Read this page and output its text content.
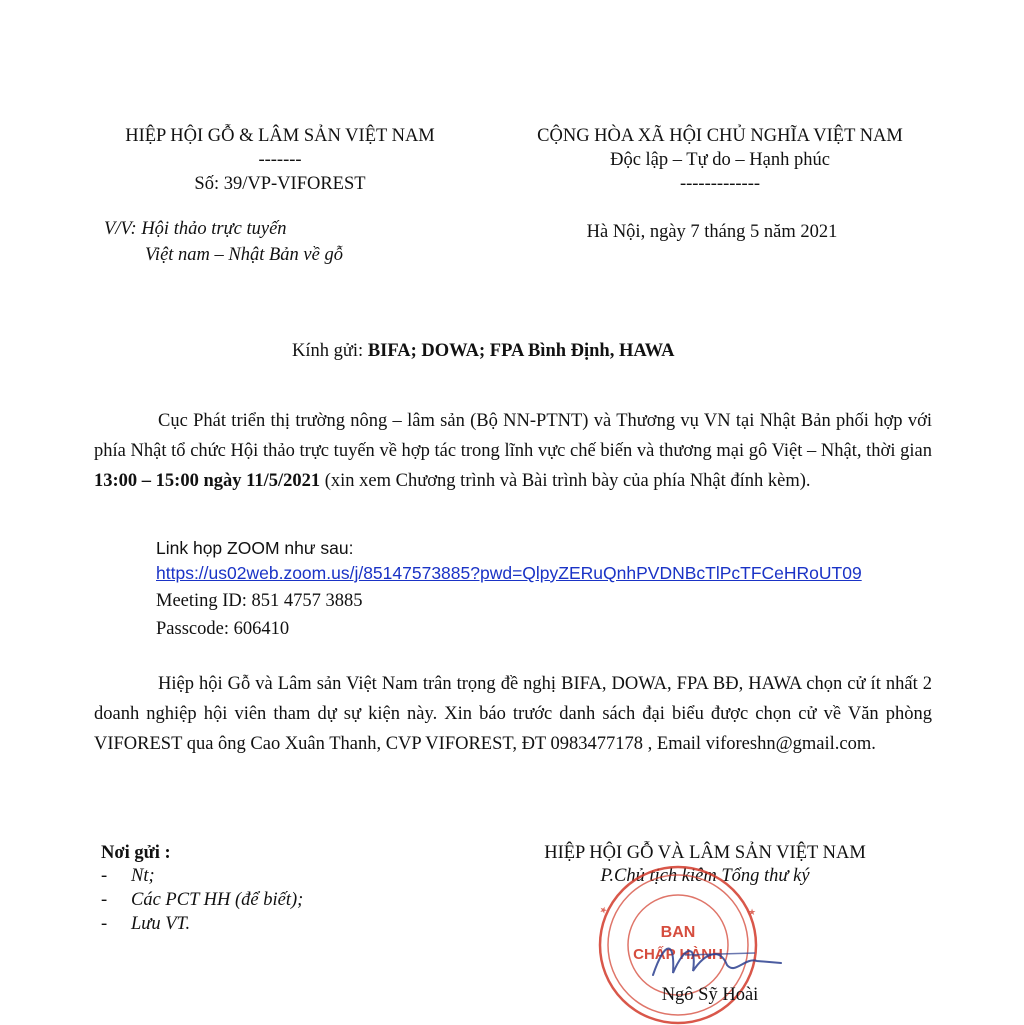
HIỆP HỘI GỖ & LÂM SẢN VIỆT NAM
-------
Số: 39/VP-VIFOREST
V/V: Hội thảo trực tuyến
Việt nam – Nhật Bản về gỗ
CỘNG HÒA XÃ HỘI CHỦ NGHĨA VIỆT NAM
Độc lập – Tự do – Hạnh phúc
-------------
Hà Nội, ngày 7 tháng 5 năm 2021
Kính gửi: BIFA; DOWA; FPA Bình Định, HAWA
Cục Phát triển thị trường nông – lâm sản (Bộ NN-PTNT) và Thương vụ VN tại Nhật Bản phối hợp với phía Nhật tổ chức Hội thảo trực tuyến về hợp tác trong lĩnh vực chế biến và thương mại gô Việt – Nhật, thời gian 13:00 – 15:00 ngày 11/5/2021 (xin xem Chương trình và Bài trình bày của phía Nhật đính kèm).
Link họp ZOOM như sau:
https://us02web.zoom.us/j/85147573885?pwd=QlpyZERuQnhPVDNBcTlPcTFCeHRoUT09
Meeting ID: 851 4757 3885
Passcode: 606410
Hiệp hội Gỗ và Lâm sản Việt Nam trân trọng đề nghị BIFA, DOWA, FPA BĐ, HAWA chọn cử ít nhất 2 doanh nghiệp hội viên tham dự sự kiện này. Xin báo trước danh sách đại biểu được chọn cử về Văn phòng VIFOREST qua ông Cao Xuân Thanh, CVP VIFOREST, ĐT 0983477178 , Email viforeshn@gmail.com.
Nơi gửi :
- Nt;
- Các PCT HH (để biết);
- Lưu VT.
HIỆP HỘI GỖ VÀ LÂM SẢN VIỆT NAM
P.Chủ tịch kiêm Tổng thư ký
BAN
CHẤP HÀNH
★	★
Ngô Sỹ Hoài
